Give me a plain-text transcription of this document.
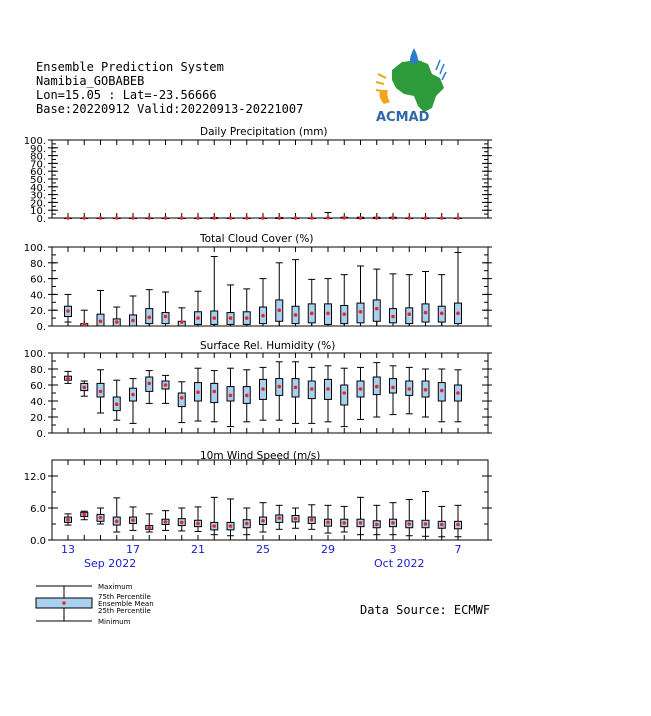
Daily Precipitation (mm)
0.
10.
20.
30.
40.
50.
60.
70.
80.
90.
100.
Total Cloud Cover (%)
0.
20.
40.
60.
80.
100.
Surface Rel. Humidity (%)
0.
20.
40.
60.
80.
100.
10m Wind Speed (m/s)
0.0
6.0
12.0
13	17	21	25	29	3	7
Sep 2022	Oct 2022
ACMAD
Maximum
75th Percentile
Ensemble Mean
25th Percentile
Minimum
Ensemble Prediction System
Namibia_GOBABEB
Lon=15.05 : Lat=-23.56666
Base:20220912 Valid:20220913-20221007
Data Source: ECMWF
